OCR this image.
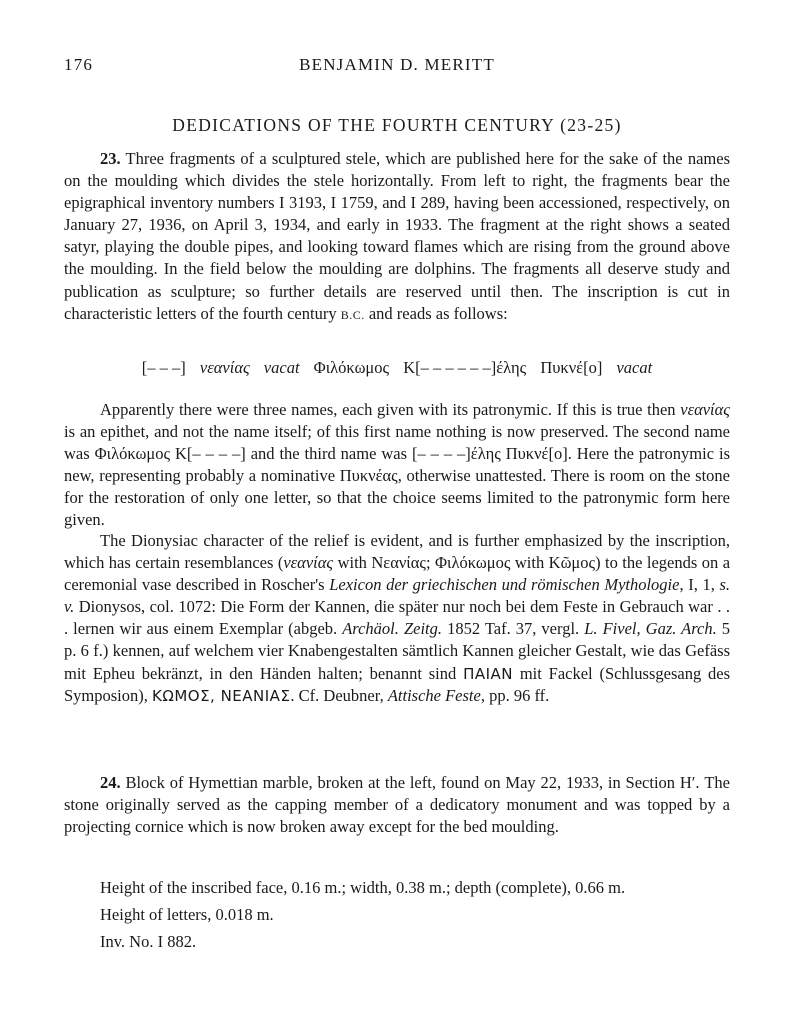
176	BENJAMIN D. MERITT
DEDICATIONS OF THE FOURTH CENTURY (23-25)

23. Three fragments of a sculptured stele, which are published here for the sake of the names on the moulding which divides the stele horizontally. From left to right, the fragments bear the epigraphical inventory numbers I 3193, I 1759, and I 289, having been accessioned, respectively, on January 27, 1936, on April 3, 1934, and early in 1933. The fragment at the right shows a seated satyr, playing the double pipes, and looking toward flames which are rising from the ground above the moulding. In the field below the moulding are dolphins. The fragments all deserve study and publication as sculpture; so further details are reserved until then. The inscription is cut in characteristic letters of the fourth century B.C. and reads as follows:

[– – –] νεανίας vacat Φιλόκωμος Κ[– – – – – –]έλης Πυκνέ[ο] vacat

Apparently there were three names, each given with its patronymic. If this is true then νεανίας is an epithet, and not the name itself; of this first name nothing is now preserved. The second name was Φιλόκωμος Κ[– – – –] and the third name was [– – – –]έλης Πυκνέ[ο]. Here the patronymic is new, representing probably a nominative Πυκνέας, otherwise unattested. There is room on the stone for the restoration of only one letter, so that the choice seems limited to the patronymic form here given.

The Dionysiac character of the relief is evident, and is further emphasized by the inscription, which has certain resemblances (νεανίας with Νεανίας; Φιλόκωμος with Κῶμος) to the legends on a ceremonial vase described in Roscher's Lexicon der griechischen und römischen Mythologie, I, 1, s. v. Dionysos, col. 1072: Die Form der Kannen, die später nur noch bei dem Feste in Gebrauch war . . . lernen wir aus einem Exemplar (abgeb. Archäol. Zeitg. 1852 Taf. 37, vergl. L. Fivel, Gaz. Arch. 5 p. 6 f.) kennen, auf welchem vier Knabengestalten sämtlich Kannen gleicher Gestalt, wie das Gefäss mit Epheu bekränzt, in den Händen halten; benannt sind ΠΑΙΑΝ mit Fackel (Schlussgesang des Symposion), ΚΩΜΟΣ, ΝΕΑΝΙΑΣ. Cf. Deubner, Attische Feste, pp. 96 ff.

24. Block of Hymettian marble, broken at the left, found on May 22, 1933, in Section Η′. The stone originally served as the capping member of a dedicatory monument and was topped by a projecting cornice which is now broken away except for the bed moulding.

Height of the inscribed face, 0.16 m.; width, 0.38 m.; depth (complete), 0.66 m.
Height of letters, 0.018 m.
Inv. No. I 882.
